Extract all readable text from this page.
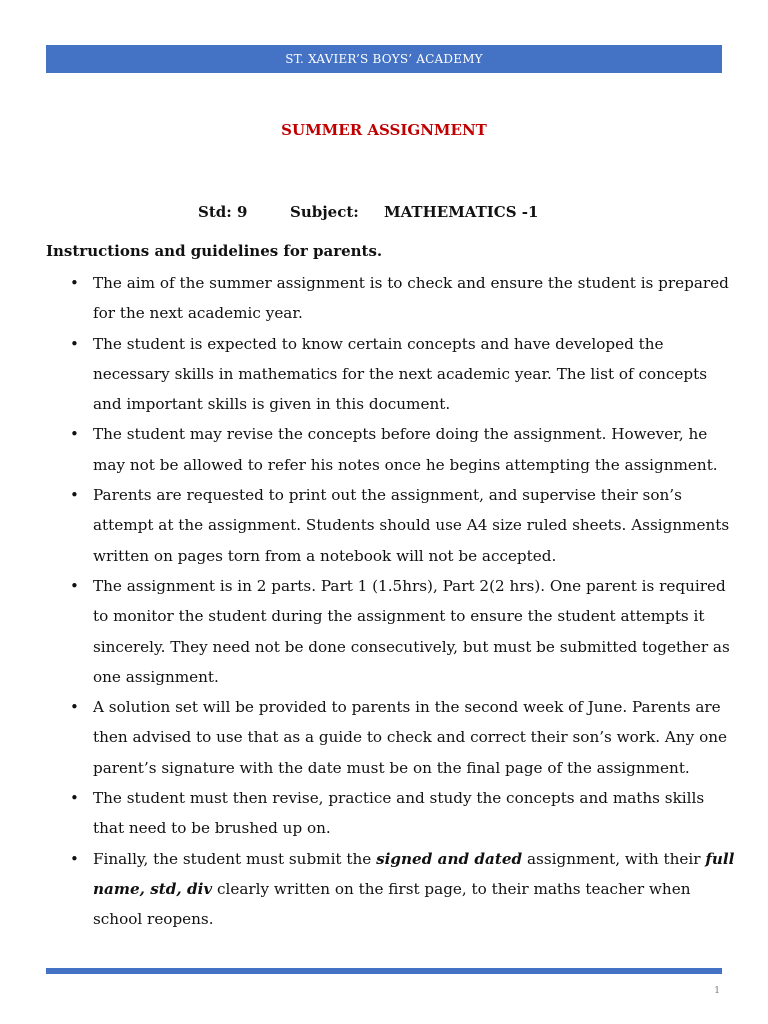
ST. XAVIER’S BOYS’ ACADEMY
SUMMER ASSIGNMENT
Std: 9	Subject: MATHEMATICS -1
Instructions and guidelines for parents.
• The aim of the summer assignment is to check and ensure the student is prepared for the next academic year.
• The student is expected to know certain concepts and have developed the necessary skills in mathematics for the next academic year. The list of concepts and important skills is given in this document.
• The student may revise the concepts before doing the assignment. However, he may not be allowed to refer his notes once he begins attempting the assignment.
• Parents are requested to print out the assignment, and supervise their son’s attempt at the assignment. Students should use A4 size ruled sheets. Assignments written on pages torn from a notebook will not be accepted.
• The assignment is in 2 parts. Part 1 (1.5hrs), Part 2(2 hrs). One parent is required to monitor the student during the assignment to ensure the student attempts it sincerely. They need not be done consecutively, but must be submitted together as one assignment.
• A solution set will be provided to parents in the second week of June. Parents are then advised to use that as a guide to check and correct their son’s work. Any one parent’s signature with the date must be on the final page of the assignment.
• The student must then revise, practice and study the concepts and maths skills that need to be brushed up on.
• Finally, the student must submit the signed and dated assignment, with their full name, std, div clearly written on the first page, to their maths teacher when school reopens.
1
